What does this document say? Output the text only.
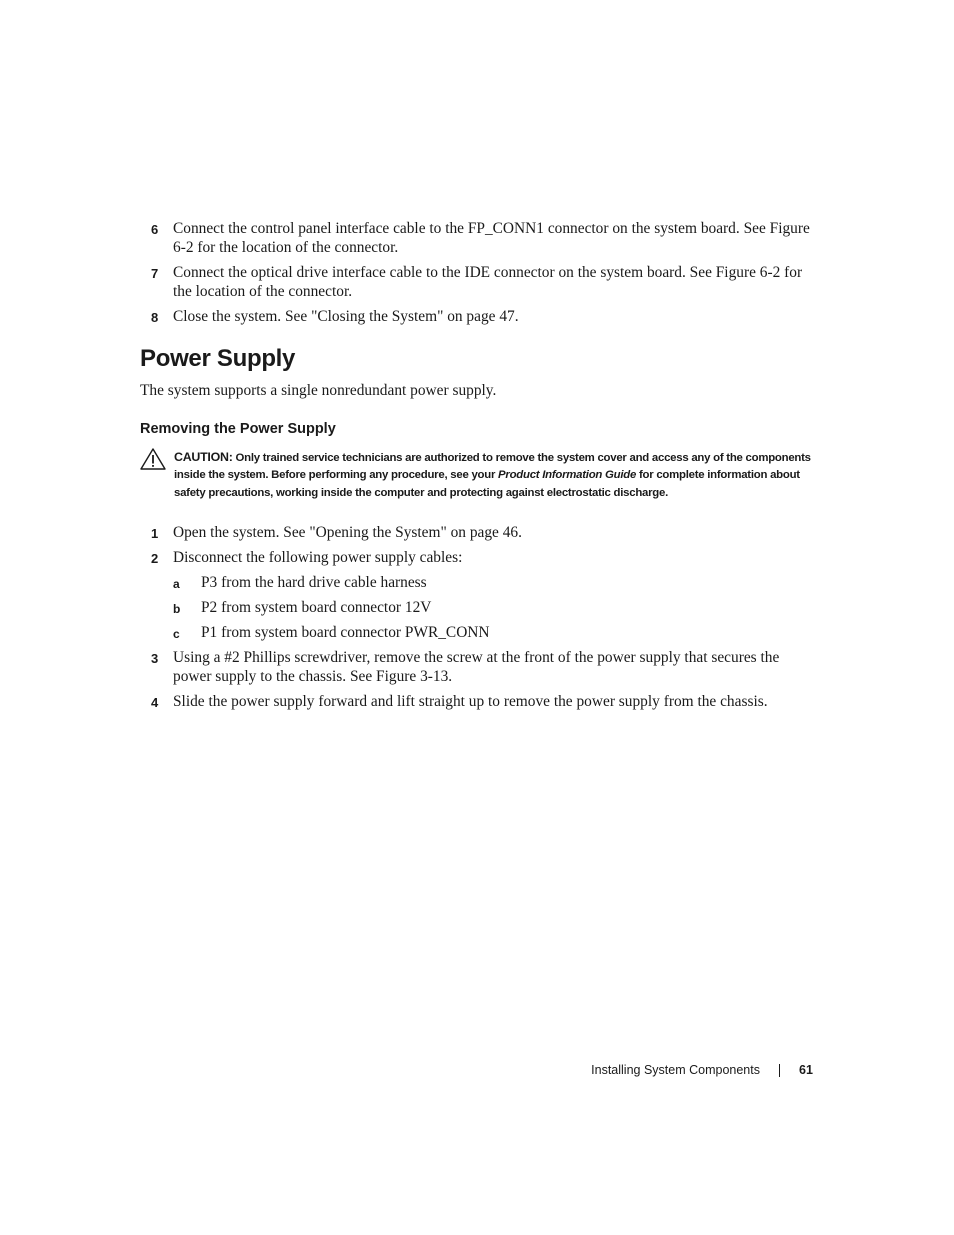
6 Connect the control panel interface cable to the FP_CONN1 connector on the system board. See Figure 6-2 for the location of the connector.
7 Connect the optical drive interface cable to the IDE connector on the system board. See Figure 6-2 for the location of the connector.
8 Close the system. See "Closing the System" on page 47.
Power Supply
The system supports a single nonredundant power supply.
Removing the Power Supply
CAUTION: Only trained service technicians are authorized to remove the system cover and access any of the components inside the system. Before performing any procedure, see your Product Information Guide for complete information about safety precautions, working inside the computer and protecting against electrostatic discharge.
1 Open the system. See "Opening the System" on page 46.
2 Disconnect the following power supply cables:
a P3 from the hard drive cable harness
b P2 from system board connector 12V
c P1 from system board connector PWR_CONN
3 Using a #2 Phillips screwdriver, remove the screw at the front of the power supply that secures the power supply to the chassis. See Figure 3-13.
4 Slide the power supply forward and lift straight up to remove the power supply from the chassis.
Installing System Components	61
